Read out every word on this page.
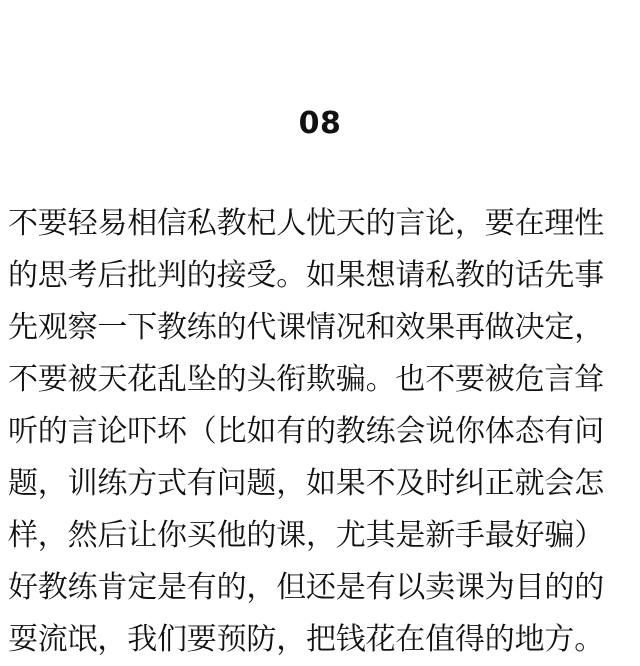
08
不要轻易相信私教杞人忧天的言论，要在理性
的思考后批判的接受。如果想请私教的话先事
先观察一下教练的代课情况和效果再做决定，
不要被天花乱坠的头衔欺骗。也不要被危言耸
听的言论吓坏（比如有的教练会说你体态有问
题，训练方式有问题，如果不及时纠正就会怎
样，然后让你买他的课，尤其是新手最好骗）
好教练肯定是有的，但还是有以卖课为目的的
耍流氓，我们要预防，把钱花在值得的地方。
